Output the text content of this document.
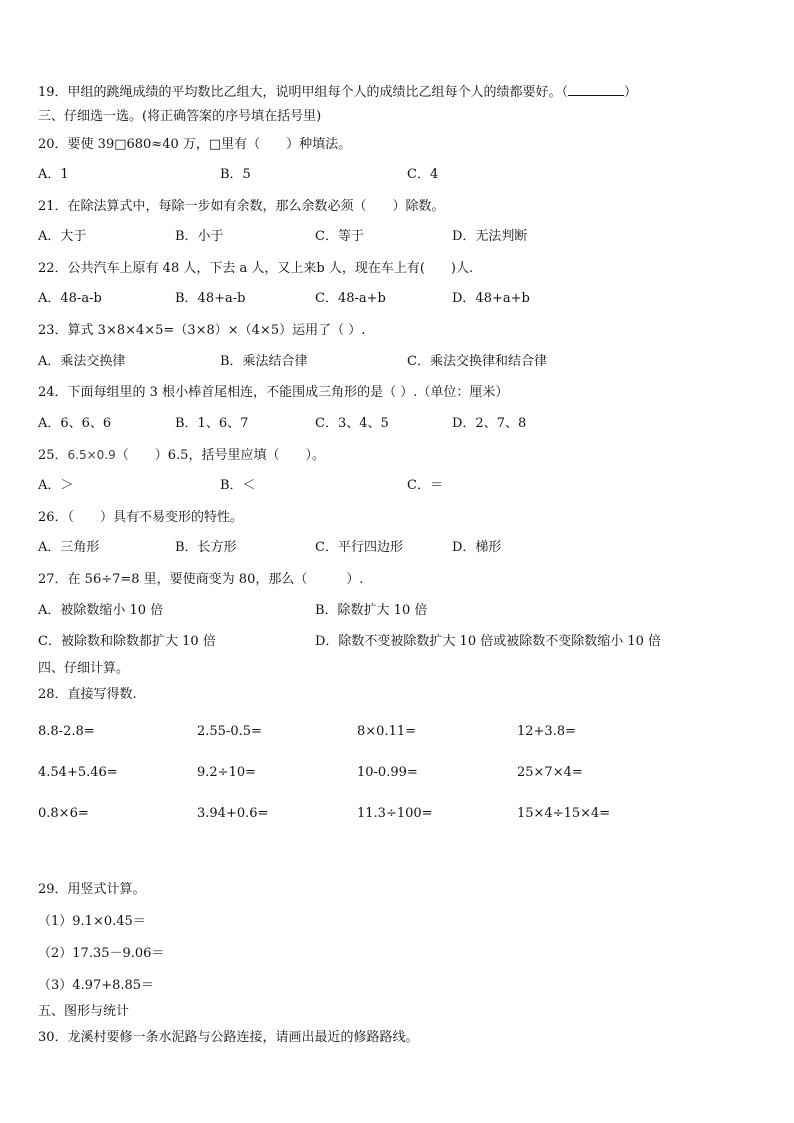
19．甲组的跳绳成绩的平均数比乙组大，说明甲组每个人的成绩比乙组每个人的绩都要好。（	）
三、仔细选一选。(将正确答案的序号填在括号里)
20．要使 39□680≈40 万，□里有（　　）种填法。
A．1	B．5	C．4
21．在除法算式中，每除一步如有余数，那么余数必须（　　）除数。
A．大于	B．小于	C．等于	D．无法判断
22．公共汽车上原有 48 人，下去 a 人，又上来b 人，现在车上有(　　)人.
A．48-a-b	B．48+a-b	C．48-a+b	D．48+a+b
23．算式 3×8×4×5=（3×8）×（4×5）运用了（ ）.
A．乘法交换律	B．乘法结合律	C．乘法交换律和结合律
24．下面每组里的 3 根小棒首尾相连，不能围成三角形的是（ ）.（单位：厘米）
A．6、6、6	B．1、6、7	C．3、4、5	D．2、7、8
25．6.5×0.9（　　）6.5，括号里应填（　　）。
A．＞	B．＜	C．＝
26．（　　）具有不易变形的特性。
A．三角形	B．长方形	C．平行四边形	D．梯形
27．在 56÷7=8 里，要使商变为 80，那么（　　　）.
A．被除数缩小 10 倍	B．除数扩大 10 倍
C．被除数和除数都扩大 10 倍	D．除数不变被除数扩大 10 倍或被除数不变除数缩小 10 倍
四、仔细计算。
28．直接写得数.
8.8-2.8=	2.55-0.5=	8×0.11=	12+3.8=
4.54+5.46=	9.2÷10=	10-0.99=	25×7×4=
0.8×6=	3.94+0.6=	11.3÷100=	15×4÷15×4=
29．用竖式计算。
（1）9.1×0.45＝
（2）17.35－9.06＝
（3）4.97+8.85＝
五、图形与统计
30．龙溪村要修一条水泥路与公路连接，请画出最近的修路路线。
